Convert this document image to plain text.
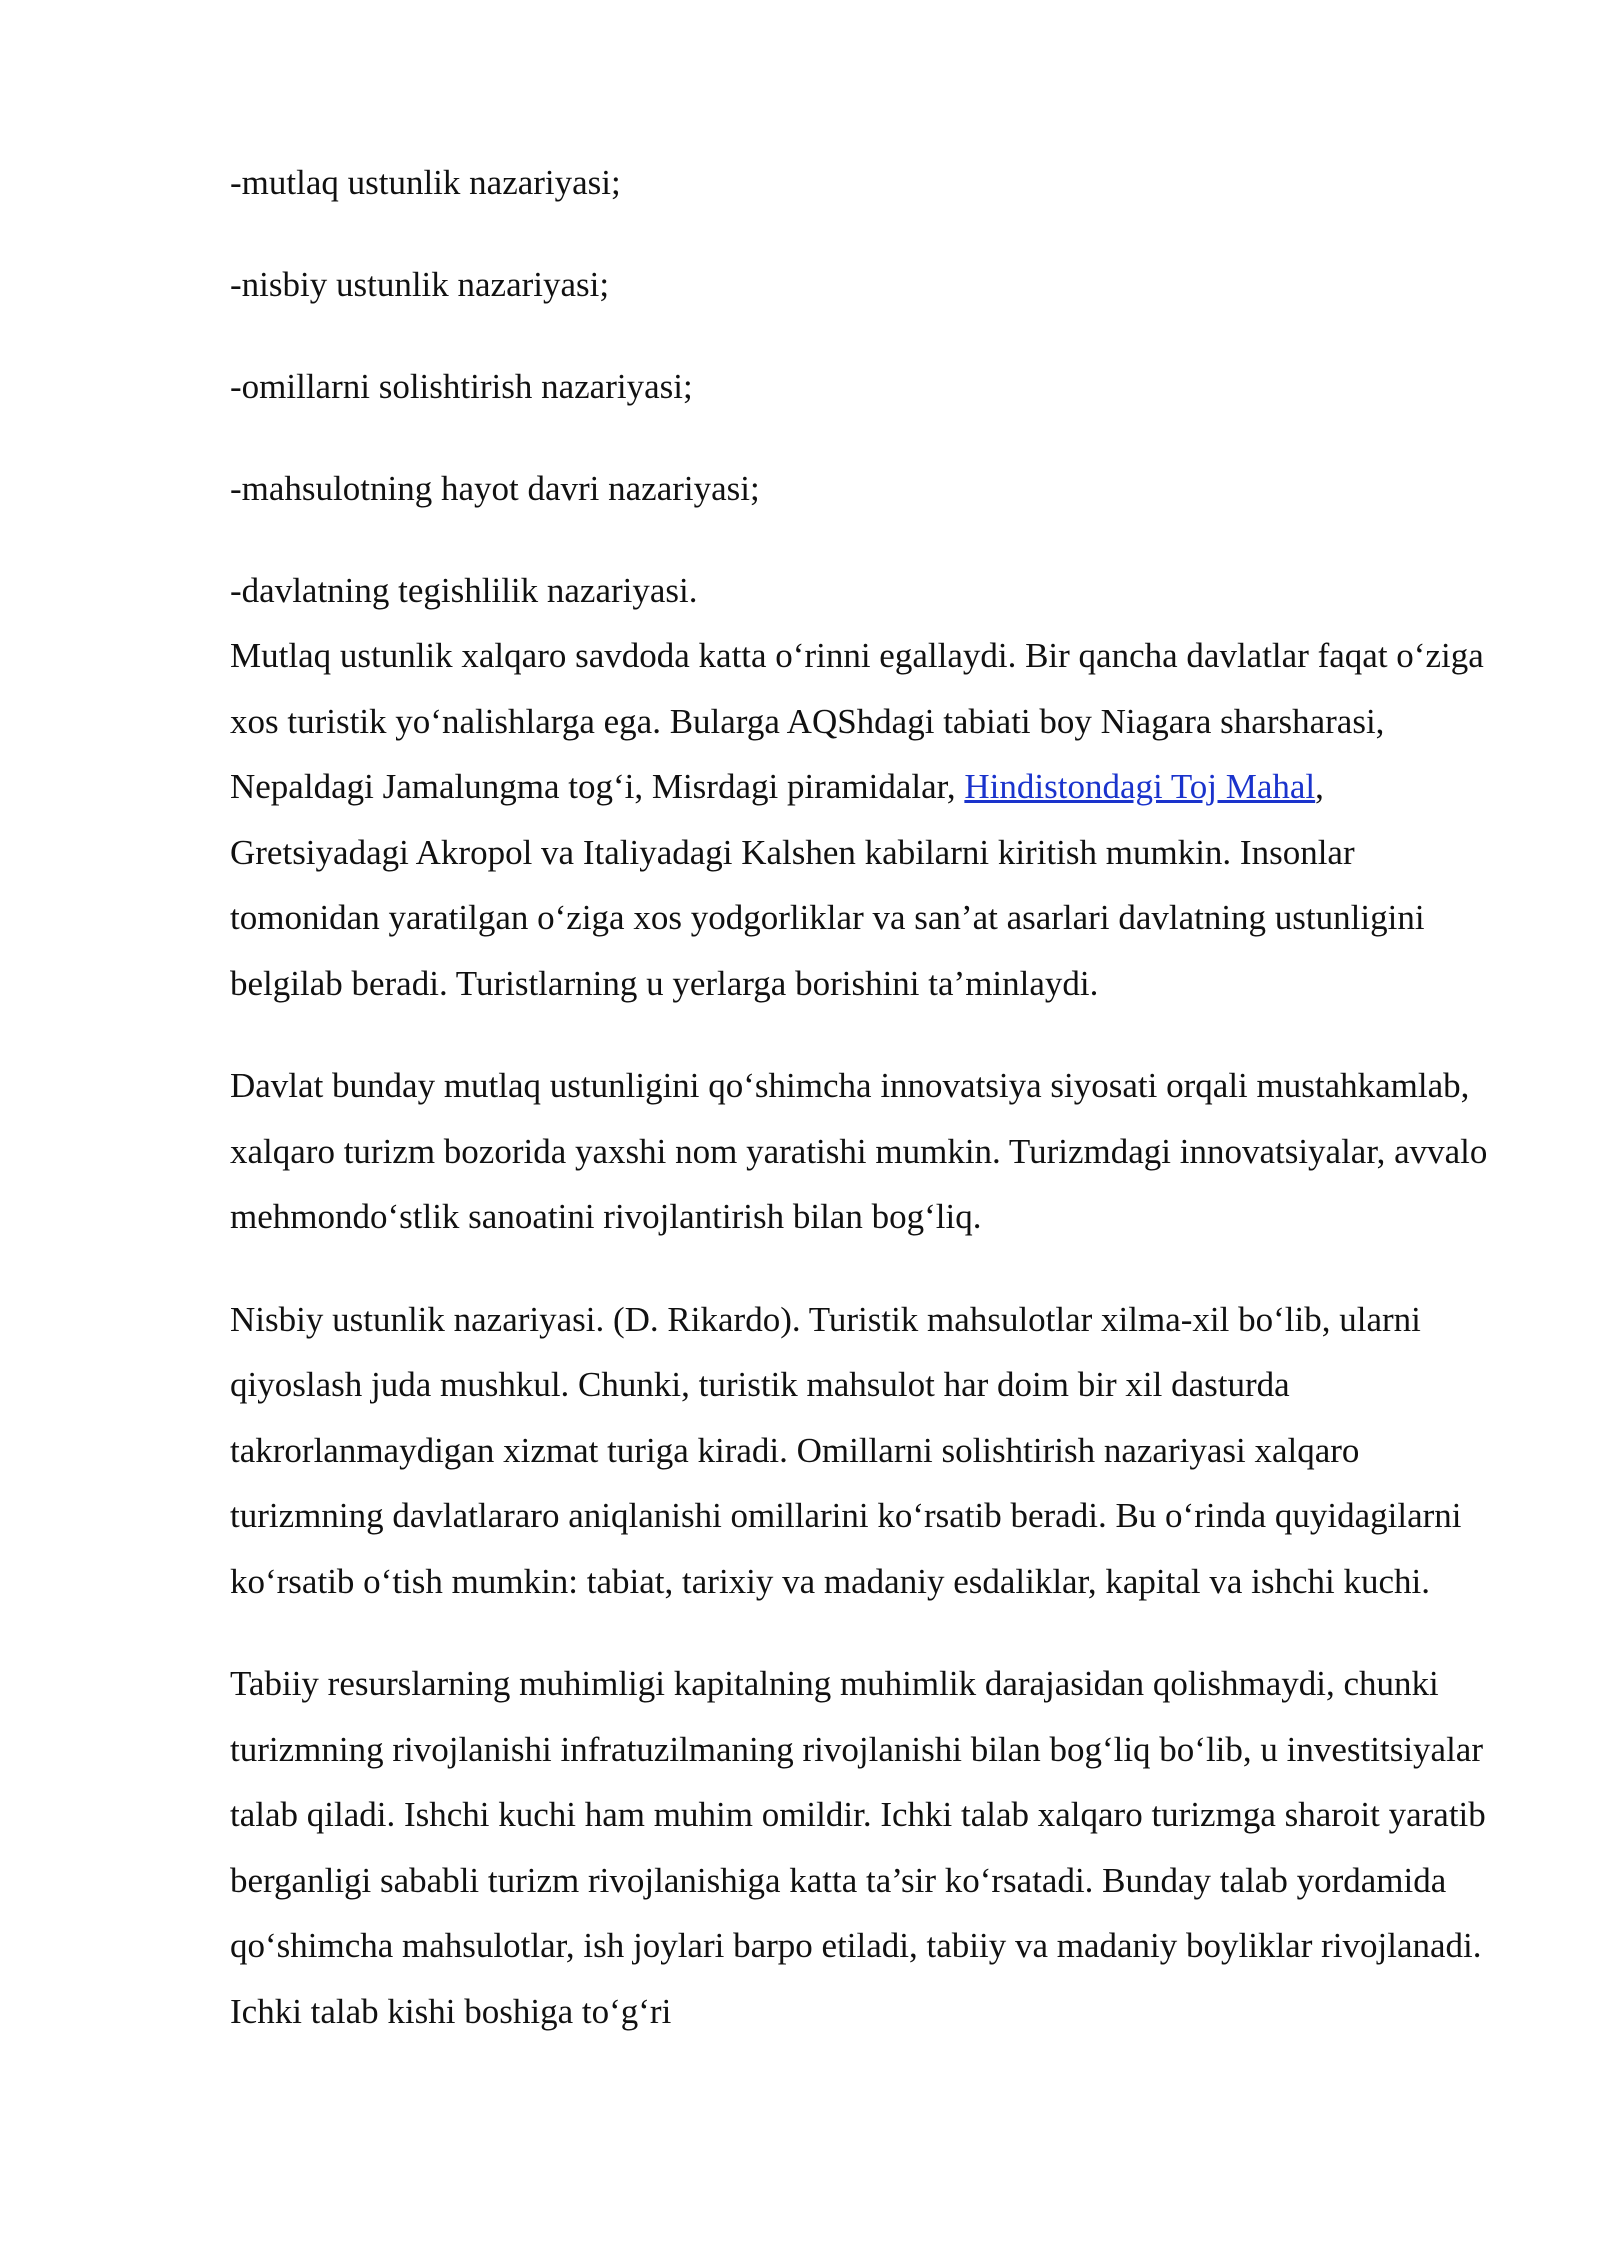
-mutlaq ustunlik nazariyasi;
-nisbiy ustunlik nazariyasi;
-omillarni solishtirish nazariyasi;
-mahsulotning hayot davri nazariyasi;
-davlatning tegishlilik nazariyasi.

Mutlaq ustunlik xalqaro savdoda katta o‘rinni egallaydi. Bir qancha davlatlar faqat o‘ziga xos turistik yo‘nalishlarga ega. Bularga AQShdagi tabiati boy Niagara sharsharasi, Nepaldagi Jamalungma tog‘i, Misrdagi piramidalar, Hindistondagi Toj Mahal, Gretsiyadagi Akropol va Italiyadagi Kalshen kabilarni kiritish mumkin. Insonlar tomonidan yaratilgan o‘ziga xos yodgorliklar va san’at asarlari davlatning ustunligini belgilab beradi. Turistlarning u yerlarga borishini ta’minlaydi.

Davlat bunday mutlaq ustunligini qo‘shimcha innovatsiya siyosati orqali mustahkamlab, xalqaro turizm bozorida yaxshi nom yaratishi mumkin. Turizmdagi innovatsiyalar, avvalo mehmondo‘stlik sanoatini rivojlantirish bilan bog‘liq.

Nisbiy ustunlik nazariyasi. (D. Rikardo). Turistik mahsulotlar xilma-xil bo‘lib, ularni qiyoslash juda mushkul. Chunki, turistik mahsulot har doim bir xil dasturda takrorlanmaydigan xizmat turiga kiradi. Omillarni solishtirish nazariyasi xalqaro turizmning davlatlararo aniqlanishi omillarini ko‘rsatib beradi. Bu o‘rinda quyidagilarni ko‘rsatib o‘tish mumkin: tabiat, tarixiy va madaniy esdaliklar, kapital va ishchi kuchi.

Tabiiy resurslarning muhimligi kapitalning muhimlik darajasidan qolishmaydi, chunki turizmning rivojlanishi infratuzilmaning rivojlanishi bilan bog‘liq bo‘lib, u investitsiyalar talab qiladi. Ishchi kuchi ham muhim omildir. Ichki talab xalqaro turizmga sharoit yaratib berganligi sababli turizm rivojlanishiga katta ta’sir ko‘rsatadi. Bunday talab yordamida qo‘shimcha mahsulotlar, ish joylari barpo etiladi, tabiiy va madaniy boyliklar rivojlanadi. Ichki talab kishi boshiga to‘g‘ri
